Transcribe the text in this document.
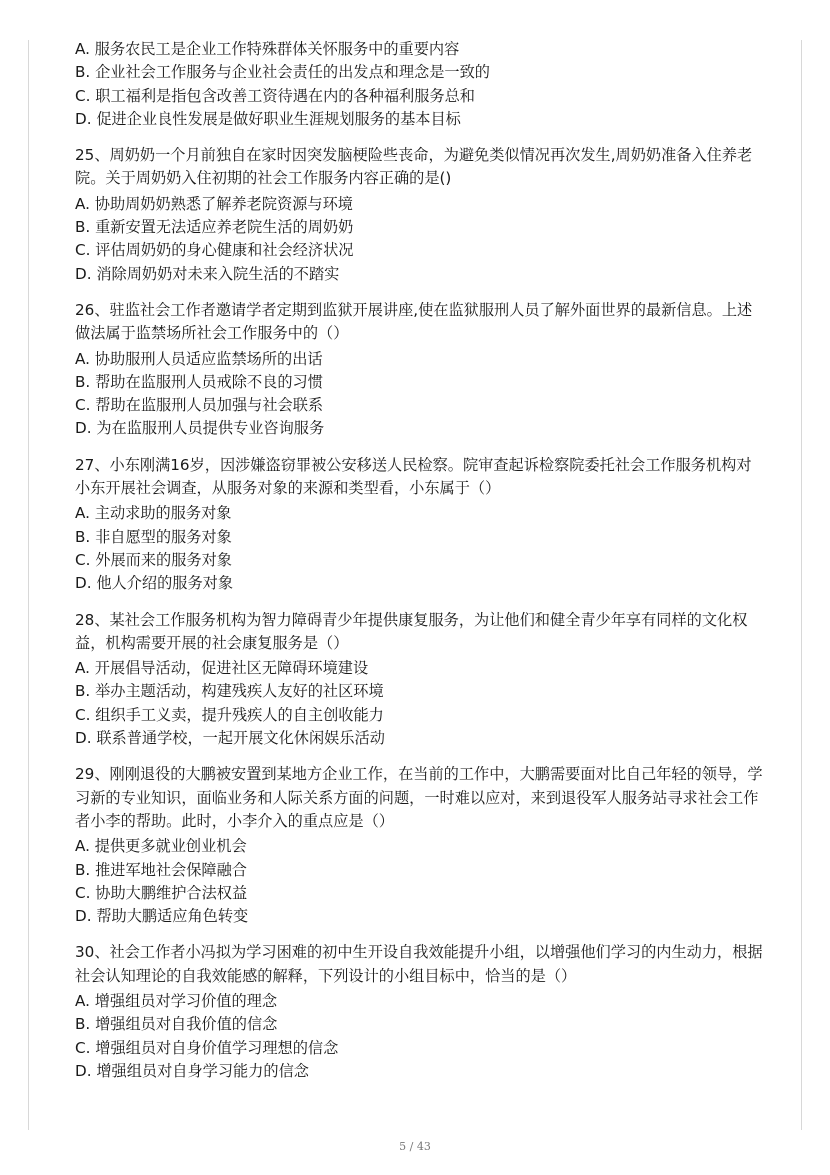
A. 服务农民工是企业工作特殊群体关怀服务中的重要内容
B. 企业社会工作服务与企业社会责任的出发点和理念是一致的
C. 职工福利是指包含改善工资待遇在内的各种福利服务总和
D. 促进企业良性发展是做好职业生涯规划服务的基本目标
25、周奶奶一个月前独自在家时因突发脑梗险些丧命，为避免类似情况再次发生,周奶奶准备入住养老院。关于周奶奶入住初期的社会工作服务内容正确的是()
A. 协助周奶奶熟悉了解养老院资源与环境
B. 重新安置无法适应养老院生活的周奶奶
C. 评估周奶奶的身心健康和社会经济状况
D. 消除周奶奶对未来入院生活的不踏实
26、驻监社会工作者邀请学者定期到监狱开展讲座,使在监狱服刑人员了解外面世界的最新信息。上述做法属于监禁场所社会工作服务中的（）
A. 协助服刑人员适应监禁场所的出话
B. 帮助在监服刑人员戒除不良的习惯
C. 帮助在监服刑人员加强与社会联系
D. 为在监服刑人员提供专业咨询服务
27、小东刚满16岁，因涉嫌盗窃罪被公安移送人民检察。院审查起诉检察院委托社会工作服务机构对小东开展社会调查，从服务对象的来源和类型看，小东属于（）
A. 主动求助的服务对象
B. 非自愿型的服务对象
C. 外展而来的服务对象
D. 他人介绍的服务对象
28、某社会工作服务机构为智力障碍青少年提供康复服务，为让他们和健全青少年享有同样的文化权益，机构需要开展的社会康复服务是（）
A. 开展倡导活动，促进社区无障碍环境建设
B. 举办主题活动，构建残疾人友好的社区环境
C. 组织手工义卖，提升残疾人的自主创收能力
D. 联系普通学校，一起开展文化休闲娱乐活动
29、刚刚退役的大鹏被安置到某地方企业工作，在当前的工作中，大鹏需要面对比自己年轻的领导，学习新的专业知识，面临业务和人际关系方面的问题，一时难以应对，来到退役军人服务站寻求社会工作者小李的帮助。此时，小李介入的重点应是（）
A. 提供更多就业创业机会
B. 推进军地社会保障融合
C. 协助大鹏维护合法权益
D. 帮助大鹏适应角色转变
30、社会工作者小冯拟为学习困难的初中生开设自我效能提升小组，以增强他们学习的内生动力，根据社会认知理论的自我效能感的解释，下列设计的小组目标中，恰当的是（）
A. 增强组员对学习价值的理念
B. 增强组员对自我价值的信念
C. 增强组员对自身价值学习理想的信念
D. 增强组员对自身学习能力的信念
5 / 43
